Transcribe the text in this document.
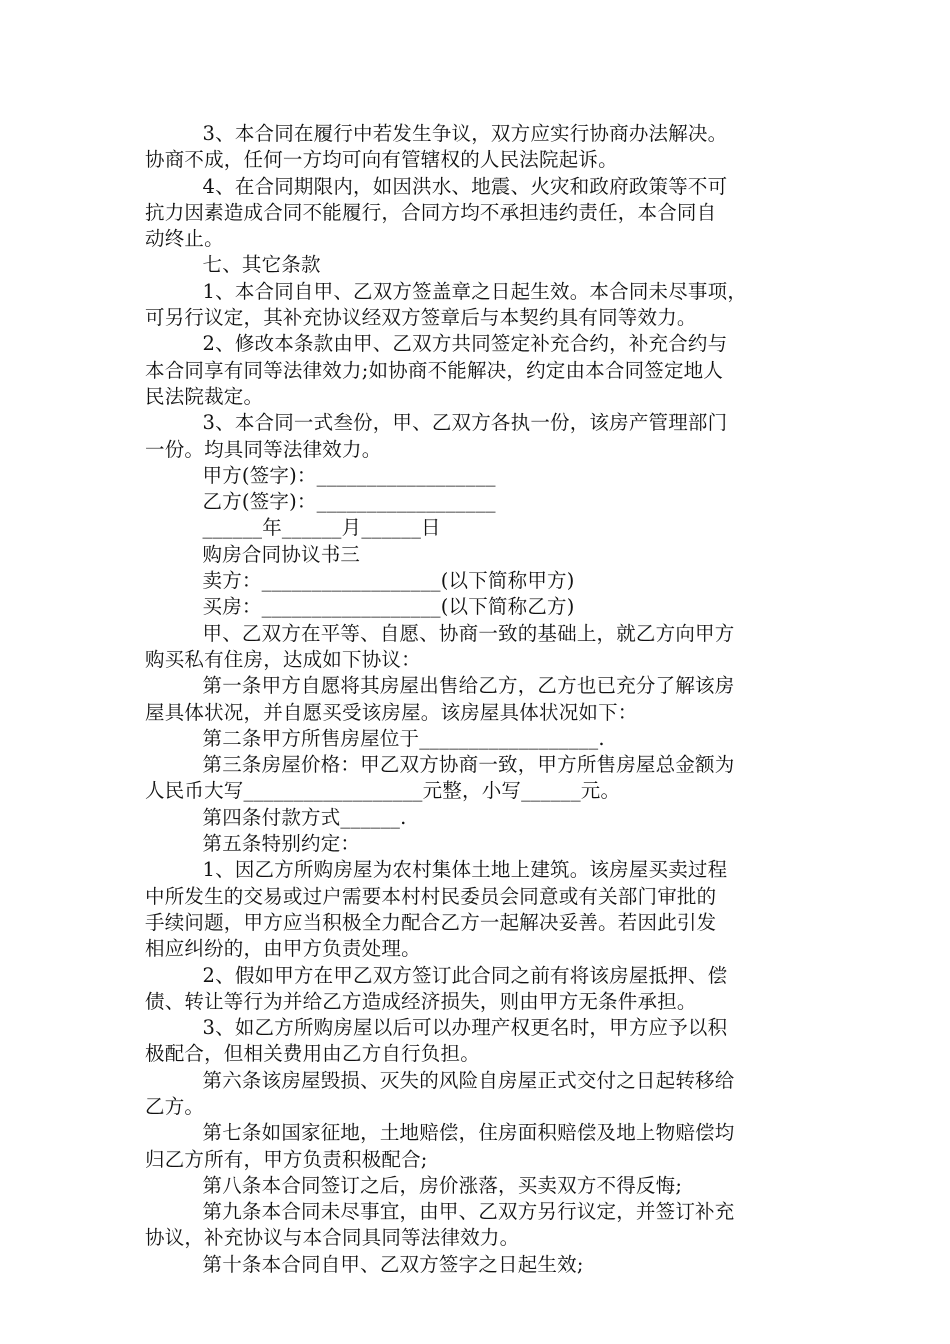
3、本合同在履行中若发生争议，双方应实行协商办法解决。
协商不成，任何一方均可向有管辖权的人民法院起诉。

4、在合同期限内，如因洪水、地震、火灾和政府政策等不可
抗力因素造成合同不能履行，合同方均不承担违约责任，本合同自
动终止。

七、其它条款

1、本合同自甲、乙双方签盖章之日起生效。本合同未尽事项，
可另行议定，其补充协议经双方签章后与本契约具有同等效力。

2、修改本条款由甲、乙双方共同签定补充合约，补充合约与
本合同享有同等法律效力;如协商不能解决，约定由本合同签定地人
民法院裁定。

3、本合同一式叁份，甲、乙双方各执一份，该房产管理部门
一份。均具同等法律效力。

甲方(签字)：__________________

乙方(签字)：__________________

______年______月______日

购房合同协议书三

卖方：__________________(以下简称甲方)

买房：__________________(以下简称乙方)

甲、乙双方在平等、自愿、协商一致的基础上，就乙方向甲方
购买私有住房，达成如下协议：

第一条甲方自愿将其房屋出售给乙方，乙方也已充分了解该房
屋具体状况，并自愿买受该房屋。该房屋具体状况如下：

第二条甲方所售房屋位于__________________.

第三条房屋价格：甲乙双方协商一致，甲方所售房屋总金额为
人民币大写__________________元整，小写______元。

第四条付款方式______.

第五条特别约定：

1、因乙方所购房屋为农村集体土地上建筑。该房屋买卖过程
中所发生的交易或过户需要本村村民委员会同意或有关部门审批的
手续问题，甲方应当积极全力配合乙方一起解决妥善。若因此引发
相应纠纷的，由甲方负责处理。

2、假如甲方在甲乙双方签订此合同之前有将该房屋抵押、偿
债、转让等行为并给乙方造成经济损失，则由甲方无条件承担。

3、如乙方所购房屋以后可以办理产权更名时，甲方应予以积
极配合，但相关费用由乙方自行负担。

第六条该房屋毁损、灭失的风险自房屋正式交付之日起转移给
乙方。

第七条如国家征地，土地赔偿，住房面积赔偿及地上物赔偿均
归乙方所有，甲方负责积极配合;

第八条本合同签订之后，房价涨落，买卖双方不得反悔;

第九条本合同未尽事宜，由甲、乙双方另行议定，并签订补充
协议，补充协议与本合同具同等法律效力。

第十条本合同自甲、乙双方签字之日起生效;
